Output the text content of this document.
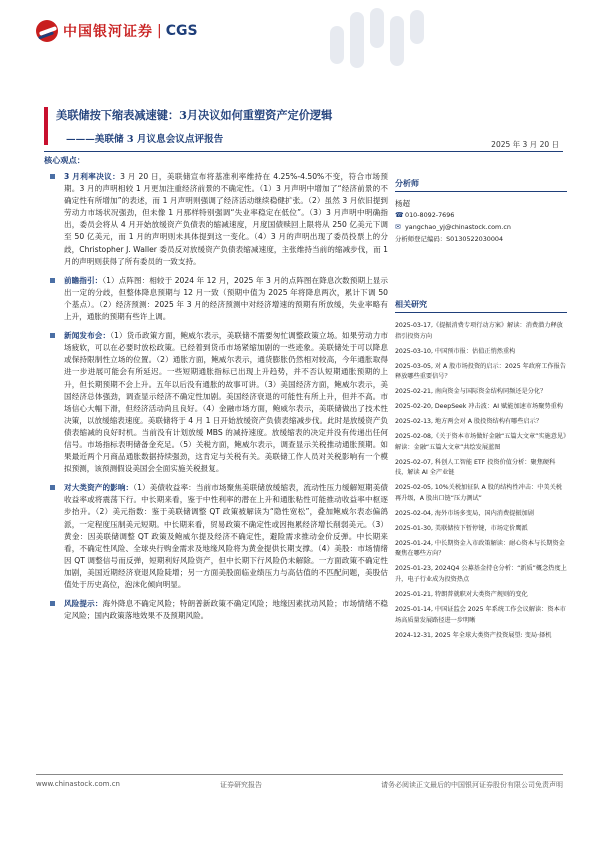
中国银河证券 | CGS
美联储按下缩表减速键：3月决议如何重塑资产定价逻辑
———美联储 3 月议息会议点评报告	2025 年 3 月 20 日
核心观点：
3 月利率决议：3 月 20 日，美联储宣布将基准利率维持在 4.25%-4.50%不变，符合市场预期。3 月的声明相较 1 月更加注重经济前景的不确定性。（1）3 月声明中增加了“经济前景的不确定性有所增加”的表述，而 1 月声明则强调了经济活动继续稳健扩张。（2）虽然 3 月依旧提到劳动力市场状况强劲，但未像 1 月那样特别强调“失业率稳定在低位”。（3）3 月声明中明确指出，委员会将从 4 月开始放缓资产负债表的缩减速度，月度国债赎回上限将从 250 亿美元下调至 50 亿美元，而 1 月的声明则未具体提到这一变化。（4）3 月的声明出现了委员投票上的分歧，Christopher J. Waller 委员反对放缓资产负债表缩减速度，主张维持当前的缩减步伐，而 1 月的声明则获得了所有委员的一致支持。
前瞻指引：（1）点阵图：相较于 2024 年 12 月，2025 年 3 月的点阵图在降息次数预期上显示出一定的分歧，但整体降息预期与 12 月一致（预期中值为 2025 年将降息两次，累计下调 50 个基点）。（2）经济预测：2025 年 3 月的经济预测中对经济增速的预期有所放缓，失业率略有上升，通胀的预期有些许上调。
新闻发布会：（1）货币政策方面，鲍威尔表示，美联储不需要匆忙调整政策立场。如果劳动力市场疲软，可以在必要时放松政策。已经着到货币市场紧缩加剧的一些迹象。美联储处于可以降息或保持限制性立场的位置。（2）通胀方面，鲍威尔表示，通货膨胀仍然相对较高，今年通胀取得进一步进展可能会有所延迟。一些短期通胀指标已出现上升趋势，并不否认短期通胀预期的上升，但长期预期不会上升。五年以后没有通胀的故事可讲。（3）美国经济方面，鲍威尔表示，美国经济总体强劲，调查显示经济不确定性加剧。美国经济衰退的可能性有所上升，但并不高。市场信心大幅下滑，但经济活动尚且良好。（4）金融市场方面，鲍威尔表示，美联储做出了技术性决策，以放缓缩表速度。美联储将于 4 月 1 日开始放缓资产负债表缩减步伐。此时是放缓资产负债表缩减的良好时机。当前没有计划放缓 MBS 的减持速度。放缓缩表的决定并没有传递出任何信号。市场指标表明储备金充足。（5）关税方面，鲍威尔表示，调查显示关税推动通胀预期。如果最近两个月商品通胀数据持续强劲，这肯定与关税有关。美联储工作人员对关税影响有一个模拟预测，该预测假设美国会全面实施关税报复。
对大类资产的影响：（1）美债收益率：当前市场聚焦美联储放缓缩表，流动性压力缓解短期美债收益率或将震荡下行。中长期来看，鉴于中性利率的潜在上升和通胀粘性可能推动收益率中枢逐步抬升。（2）美元指数：鉴于美联储调整 QT 政策被解读为“隐性宽松”，叠加鲍威尔表态偏鸽派，一定程度压制美元短期。中长期来看，贸易政策不确定性或因拖累经济增长削弱美元。（3）黄金：因美联储调整 QT 政策及鲍威尔提及经济不确定性，避险需求推动金价反弹。中长期来看，不确定性风险、全球央行购金需求及地缘风险将为黄金提供长期支撑。（4）美股：市场情绪因 QT 调整信号而反弹，短期利好风险资产，但中长期下行风险仍未解除。一方面政策不确定性加剧，美国近期经济衰退风险陡增；另一方面美股面临业绩压力与高估值的不匹配问题，美股估值处于历史高位，泡沫化倾向明显。
风险提示：海外降息不确定风险；特朗普新政策不确定风险；地缘因素扰动风险；市场情绪不稳定风险；国内政策落地效果不及预期风险。
分析师
杨超
☎ 010-8092-7696
✉ yangchao_yj@chinastock.com.cn
分析师登记编码：S0130522030004
相关研究
2025-03-17,《提振消费专项行动方案》解读：消费潜力释放指引投资方向
2025-03-10, 中国预市报：估值正悄然重构
2025-03-05, 对 A 股市场投资的启示：2025 年政府工作报告释放哪些重要信号？
2025-02-21, 南向资金与国际资金结构同频还是分化？
2025-02-20, DeepSeek 冲击波：AI 赋能加速市场聚势重构
2025-02-13, 地方两会对 A 股投资结构有哪些启示？
2025-02-08,《关于资本市场做好金融“五篇大文章”实施意见》解读：金融“五篇大文章”共绘发展蓝图
2025-02-07, 科创人工智能 ETF 投资价值分析：聚焦硬科技，解读 AI 全产业链
2025-02-05, 10%关税加征队 A 股的结构性冲击：中美关税再升级，A 股出口链“压力测试”
2025-02-04, 海外市场多变局，国内消费提振加剧
2025-01-30, 美联储按下暂停键，市场定价鹰派
2025-01-24, 中长期资金入市政策解读：耐心资本与长期资金聚焦在哪些方向？
2025-01-23, 2024Q4 公募基金持仓分析：“新质”概念热度上升，电子行业成为投资热点
2025-01-21, 特朗普就职对大类资产规则的变化
2025-01-14, 中国证监会 2025 年系统工作会议解读：资本市场高质量发展路径进一步明晰
2024-12-31, 2025 年全球大类资产投资展望: 变局·择机
www.chinastock.com.cn	证券研究报告	请务必阅读正文最后的中国银河证券股份有限公司免责声明
